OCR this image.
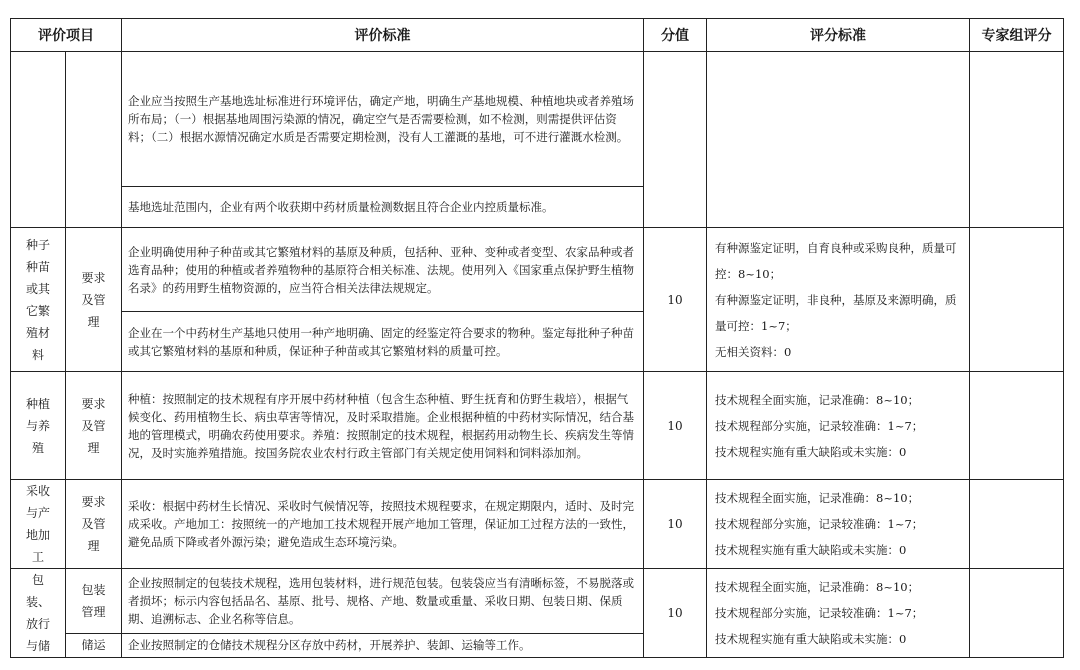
评价项目		评价标准	分值	评分标准	专家组评分
		企业应当按照生产基地选址标准进行环境评估，确定产地，明确生产基地规模、种植地块或者养殖场所布局；（一）根据基地周围污染源的情况，确定空气是否需要检测，如不检测，则需提供评估资料；（二）根据水源情况确定水质是否需要定期检测，没有人工灌溉的基地，可不进行灌溉水检测。			
		基地选址范围内，企业有两个收获期中药材质量检测数据且符合企业内控质量标准。			
种子种苗或其它繁殖材料	要求及管理	企业明确使用种子种苗或其它繁殖材料的基原及种质，包括种、亚种、变种或者变型、农家品种或者选育品种；使用的种植或者养殖物种的基原符合相关标准、法规。使用列入《国家重点保护野生植物名录》的药用野生植物资源的，应当符合相关法律法规规定。	10	有种源鉴定证明，自育良种或采购良种，质量可控：8~10；
有种源鉴定证明，非良种，基原及来源明确，质量可控：1~7；
无相关资料：0	

		企业在一个中药材生产基地只使用一种产地明确、固定的经鉴定符合要求的物种。鉴定每批种子种苗或其它繁殖材料的基原和种质，保证种子种苗或其它繁殖材料的质量可控。			
种植与养殖	要求及管理	种植：按照制定的技术规程有序开展中药材种植（包含生态种植、野生抚育和仿野生栽培），根据气候变化、药用植物生长、病虫草害等情况，及时采取措施。企业根据种植的中药材实际情况，结合基地的管理模式，明确农药使用要求。养殖：按照制定的技术规程，根据药用动物生长、疾病发生等情况，及时实施养殖措施。按国务院农业农村行政主管部门有关规定使用饲料和饲料添加剂。	10	技术规程全面实施，记录准确：8~10；
技术规程部分实施，记录较准确：1~7；
技术规程实施有重大缺陷或未实施：0	

采收与产地加工	要求及管理	采收：根据中药材生长情况、采收时气候情况等，按照技术规程要求，在规定期限内，适时、及时完成采收。产地加工：按照统一的产地加工技术规程开展产地加工管理，保证加工过程方法的一致性，避免品质下降或者外源污染；避免造成生态环境污染。	10	技术规程全面实施，记录准确：8~10；
技术规程部分实施，记录较准确：1~7；
技术规程实施有重大缺陷或未实施：0	

包装、放行与储	包装管理	企业按照制定的包装技术规程，选用包装材料，进行规范包装。包装袋应当有清晰标签，不易脱落或者损坏；标示内容包括品名、基原、批号、规格、产地、数量或重量、采收日期、包装日期、保质期、追溯标志、企业名称等信息。	10	技术规程全面实施，记录准确：8~10；
技术规程部分实施，记录较准确：1~7；
技术规程实施有重大缺陷或未实施：0	

	储运	企业按照制定的仓储技术规程分区存放中药材，开展养护、装卸、运输等工作。			
